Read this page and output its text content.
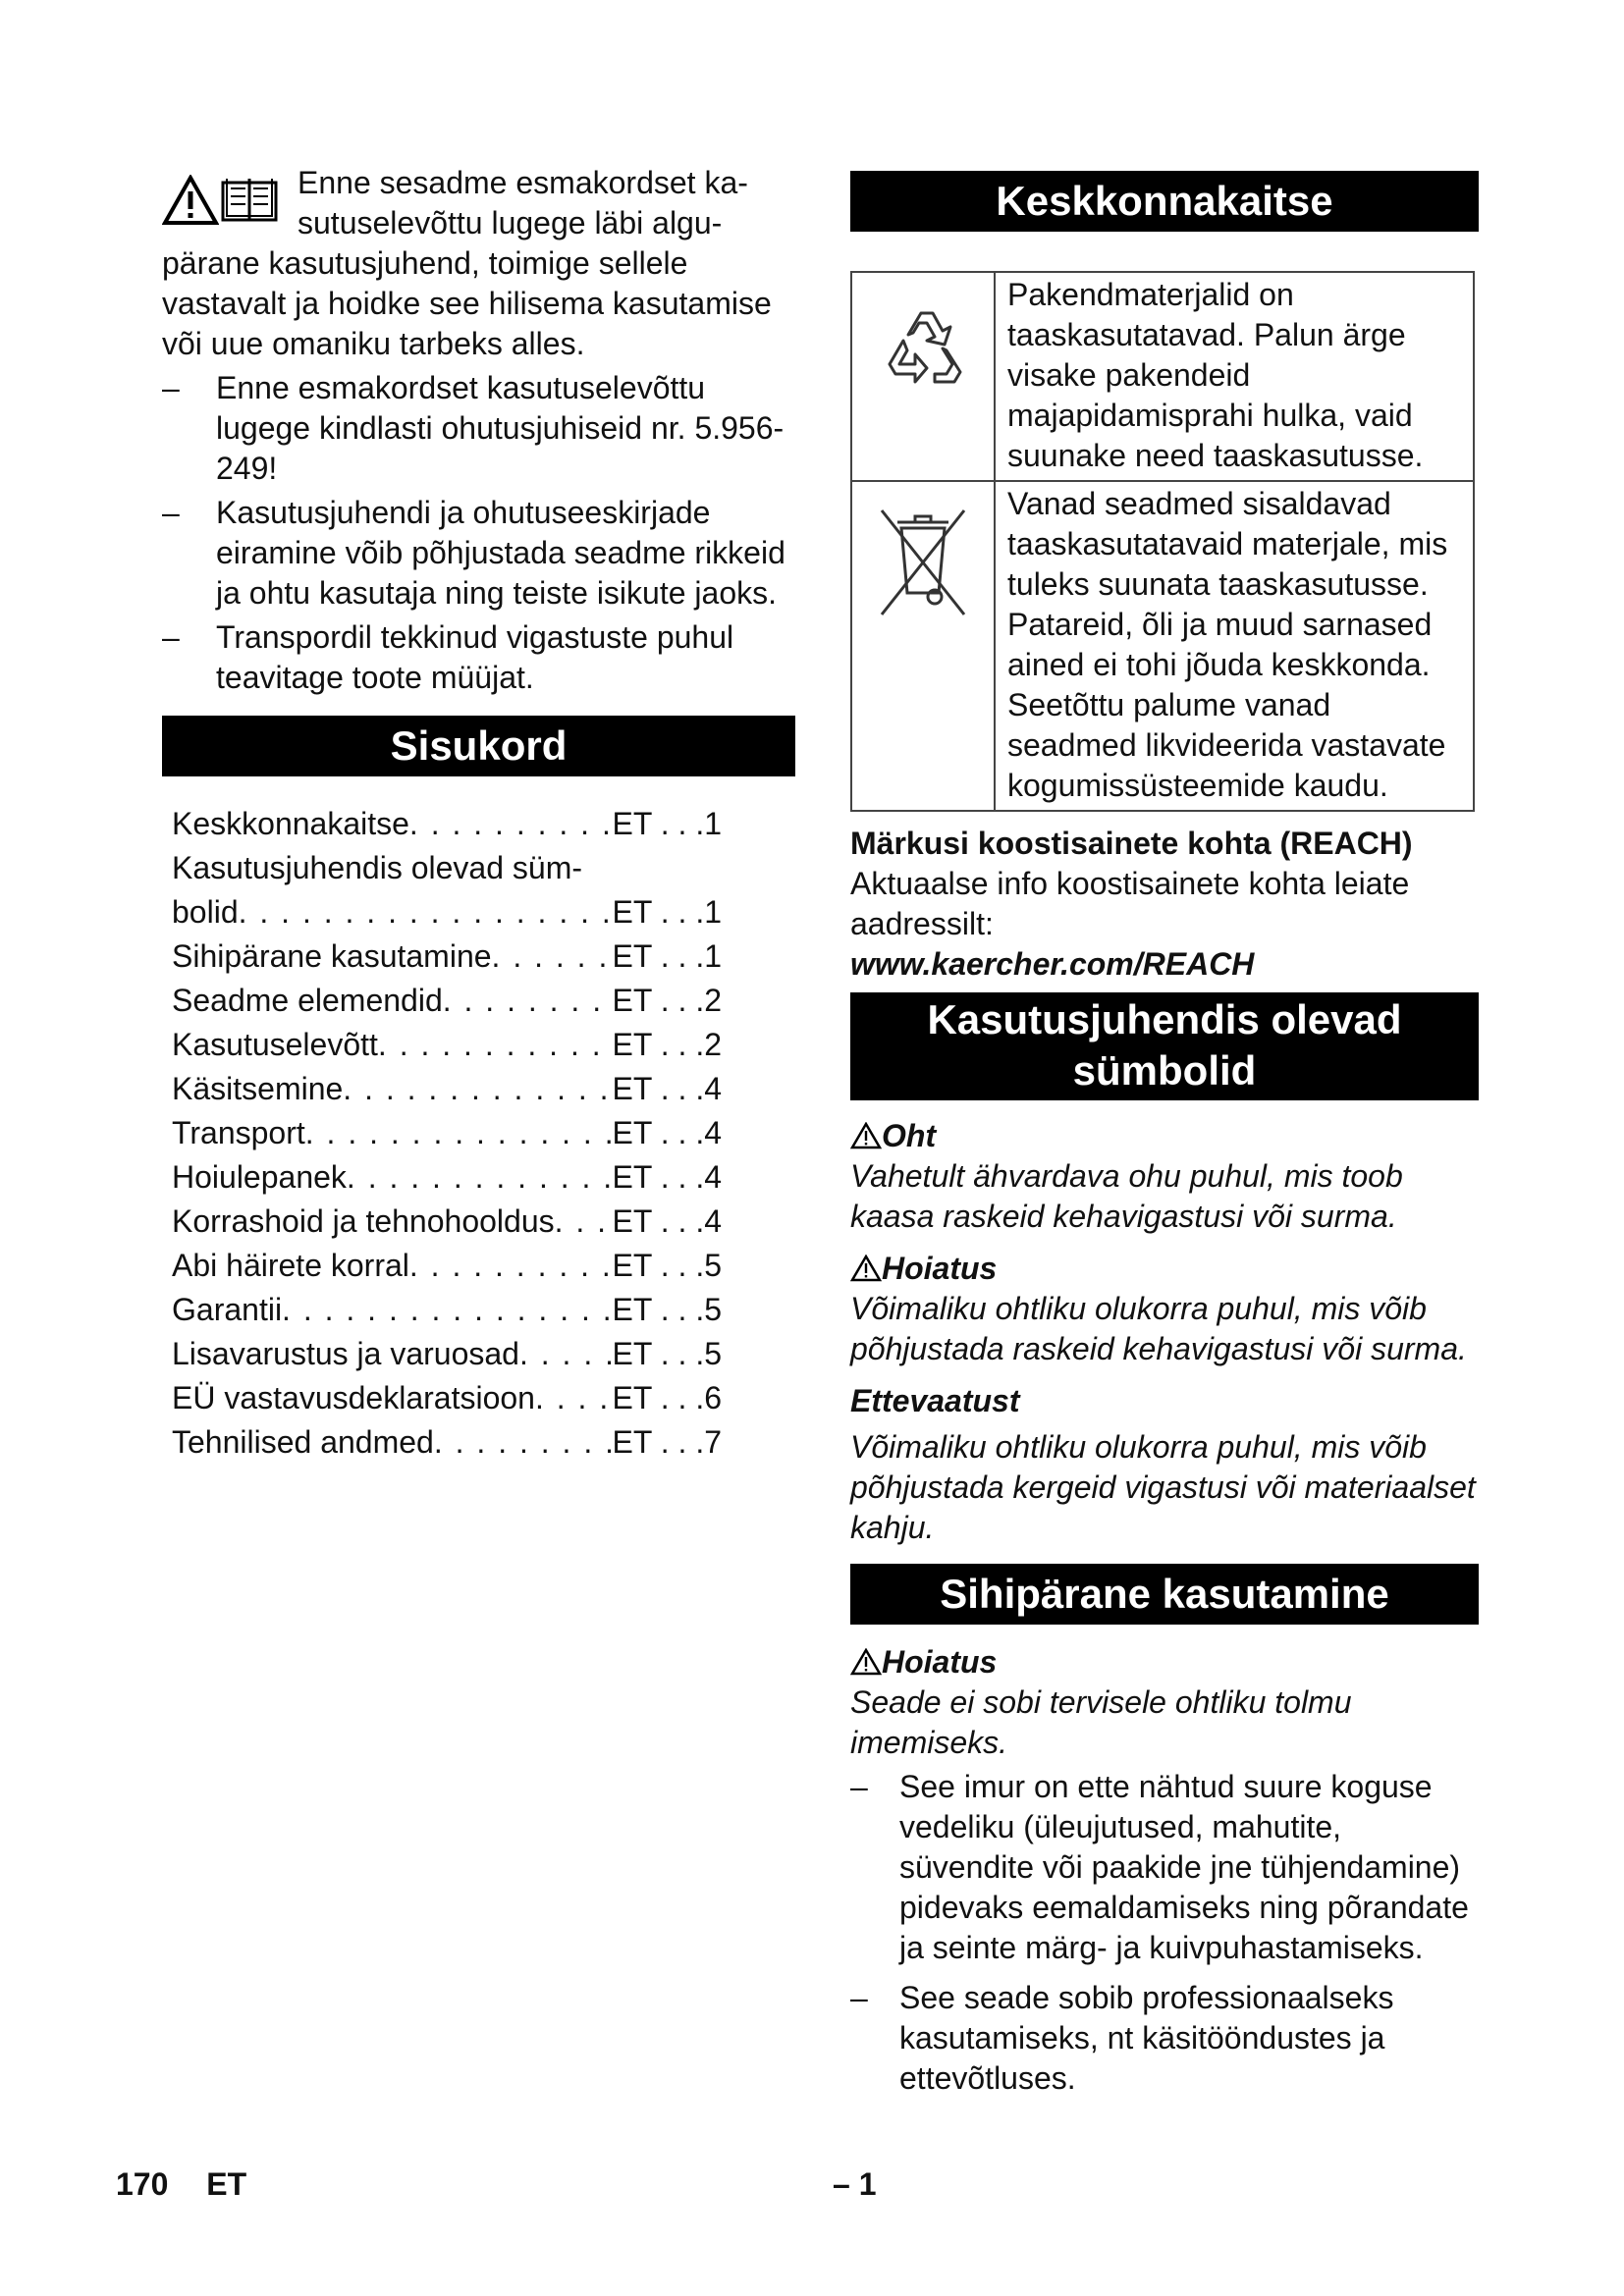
Enne sesadme esmakordset ka-

sutuselevõttu lugege läbi algu-

pärane kasutusjuhend, toimige sellele vastavalt ja hoidke see hilisema kasutamise või uue omaniku tarbeks alles.

– Enne esmakordset kasutuselevõttu lugege kindlasti ohutusjuhiseid nr. 5.956-249!
– Kasutusjuhendi ja ohutuseeskirjade eiramine võib põhjustada seadme rikkeid ja ohtu kasutaja ning teiste isikute jaoks.
– Transpordil tekkinud vigastuste puhul teavitage toote müüjat.
Sisukord
Keskkonnakaitse . . .	ET . . .1
Kasutusjuhendis olevad süm-
bolid . . .	ET . . .1
Sihipärane kasutamine . . .	ET . . .1
Seadme elemendid . . .	ET . . .2
Kasutuselevõtt . . .	ET . . .2
Käsitsemine . . .	ET . . .4
Transport . . .	ET . . .4
Hoiulepanek . . .	ET . . .4
Korrashoid ja tehnohooldus . . . ET . . .4
Abi häirete korral . . .	ET . . .5
Garantii . . .	ET . . .5
Lisavarustus ja varuosad . . .	ET . . .5
EÜ vastavusdeklaratsioon . . . ET . . .6
Tehnilised andmed . . .	ET . . .7
Keskkonnakaitse
	Pakendmaterjalid on taaskasutatavad. Palun ärge visake pakendeid majapidamisprahi hulka, vaid suunake need taaskasutusse.
	Vanad seadmed sisaldavad taaskasutatavaid materjale, mis tuleks suunata taaskasutusse. Patareid, õli ja muud sarnased ained ei tohi jõuda keskkonda. Seetõttu palume vanad seadmed likvideerida vastavate kogumissüsteemide kaudu.

Märkusi koostisainete kohta (REACH)

Aktuaalse info koostisainete kohta leiate aadressilt:

www.kaercher.com/REACH

Kasutusjuhendis olevad
sümbolid

Oht

Vahetult ähvardava ohu puhul, mis toob kaasa raskeid kehavigastusi või surma.

Hoiatus

Võimaliku ohtliku olukorra puhul, mis võib põhjustada raskeid kehavigastusi või surma.

Ettevaatust

Võimaliku ohtliku olukorra puhul, mis võib põhjustada kergeid vigastusi või materiaalset kahju.

Sihipärane kasutamine

Hoiatus

Seade ei sobi tervisele ohtliku tolmu imemiseks.

– See imur on ette nähtud suure koguse vedeliku (üleujutused, mahutite, süvendite või paakide jne tühjendamine) pidevaks eemaldamiseks ning põrandate ja seinte märg- ja kuivpuhastamiseks.
– See seade sobib professionaalseks kasutamiseks, nt käsitööndustes ja ettevõtluses.
170 ET	– 1
